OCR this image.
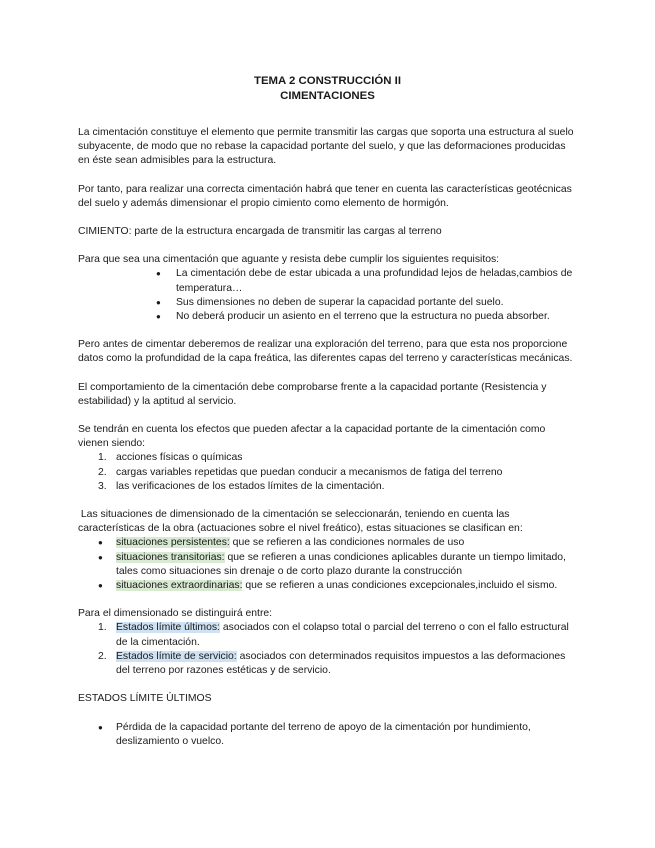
TEMA 2 CONSTRUCCIÓN II

CIMENTACIONES

La cimentación constituye el elemento que permite transmitir las cargas que soporta una estructura al suelo subyacente, de modo que no rebase la capacidad portante del suelo, y que las deformaciones producidas en éste sean admisibles para la estructura.

Por tanto, para realizar una correcta cimentación habrá que tener en cuenta las características geotécnicas del suelo y además dimensionar el propio cimiento como elemento de hormigón.

CIMIENTO: parte de la estructura encargada de transmitir las cargas al terreno

Para que sea una cimentación que aguante y resista debe cumplir los siguientes requisitos:

● La cimentación debe de estar ubicada a una profundidad lejos de heladas,cambios de temperatura…
● Sus dimensiones no deben de superar la capacidad portante del suelo.
● No deberá producir un asiento en el terreno que la estructura no pueda absorber.

Pero antes de cimentar deberemos de realizar una exploración del terreno, para que esta nos proporcione datos como la profundidad de la capa freática, las diferentes capas del terreno y características mecánicas.

El comportamiento de la cimentación debe comprobarse frente a la capacidad portante (Resistencia y estabilidad) y la aptitud al servicio.

Se tendrán en cuenta los efectos que pueden afectar a la capacidad portante de la cimentación como vienen siendo:

1. acciones físicas o químicas
2. cargas variables repetidas que puedan conducir a mecanismos de fatiga del terreno
3. las verificaciones de los estados límites de la cimentación.

Las situaciones de dimensionado de la cimentación se seleccionarán, teniendo en cuenta las características de la obra (actuaciones sobre el nivel freático), estas situaciones se clasifican en:

● situaciones persistentes: que se refieren a las condiciones normales de uso
● situaciones transitorias: que se refieren a unas condiciones aplicables durante un tiempo limitado, tales como situaciones sin drenaje o de corto plazo durante la construcción
● situaciones extraordinarias: que se refieren a unas condiciones excepcionales,incluido el sismo.

Para el dimensionado se distinguirá entre:

1. Estados límite últimos: asociados con el colapso total o parcial del terreno o con el fallo estructural de la cimentación.
2. Estados límite de servicio: asociados con determinados requisitos impuestos a las deformaciones del terreno por razones estéticas y de servicio.

ESTADOS LÍMITE ÚLTIMOS

● Pérdida de la capacidad portante del terreno de apoyo de la cimentación por hundimiento, deslizamiento o vuelco.
